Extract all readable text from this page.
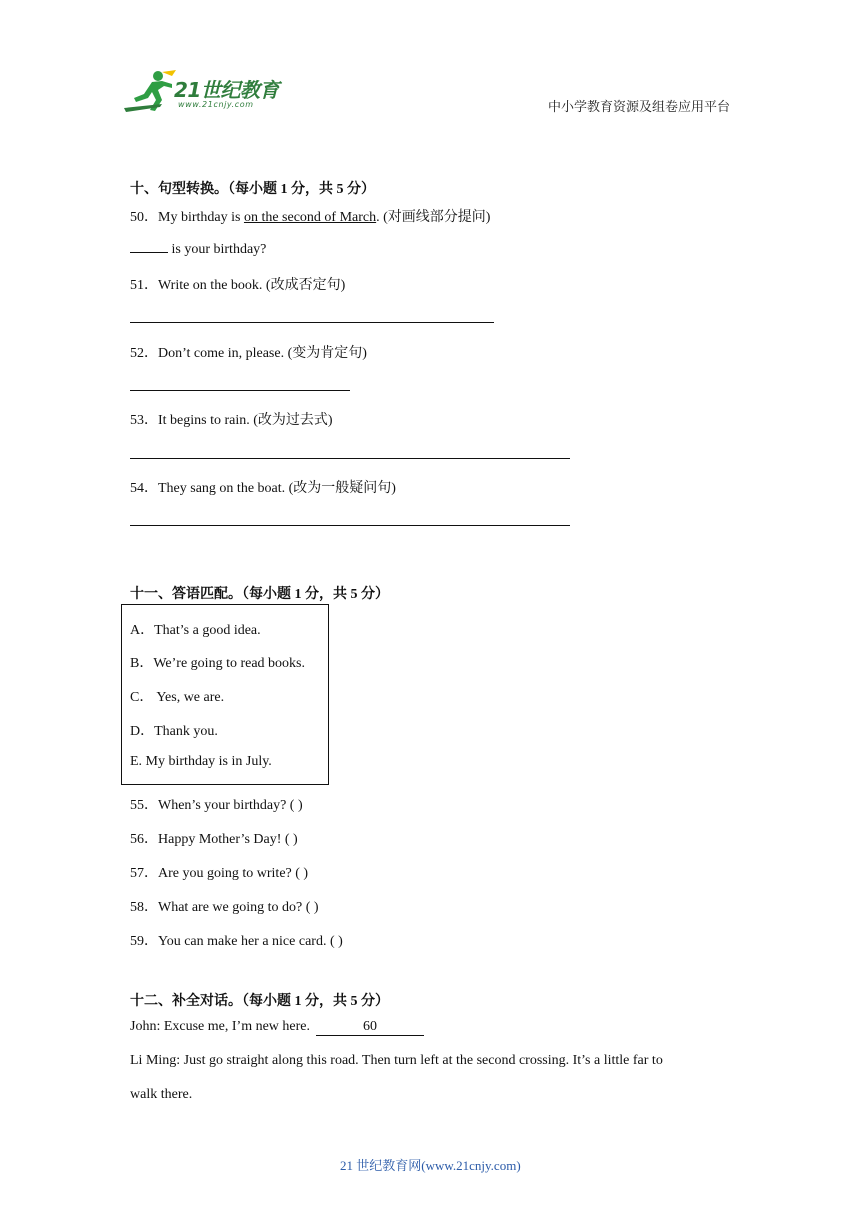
21世纪教育
www.21cnjy.com	中小学教育资源及组卷应用平台
十、句型转换。（每小题 1 分，共 5 分）
50．My birthday is on the second of March. (对画线部分提问)
is your birthday?
51．Write on the book. (改成否定句)
52．Don’t come in, please. (变为肯定句)
53．It begins to rain. (改为过去式)
54．They sang on the boat. (改为一般疑问句)
十一、答语匹配。（每小题 1 分，共 5 分）
A．That’s a good idea.
B．We’re going to read books.
C． Yes, we are.
D．Thank you.
E. My birthday is in July.
55．When’s your birthday? ( )
56．Happy Mother’s Day! ( )
57．Are you going to write? ( )
58．What are we going to do? ( )
59．You can make her a nice card. ( )
十二、补全对话。（每小题 1 分，共 5 分）
John: Excuse me, I’m new here.	60
Li Ming: Just go straight along this road. Then turn left at the second crossing. It’s a little far to
walk there.
21 世纪教育网(www.21cnjy.com)
